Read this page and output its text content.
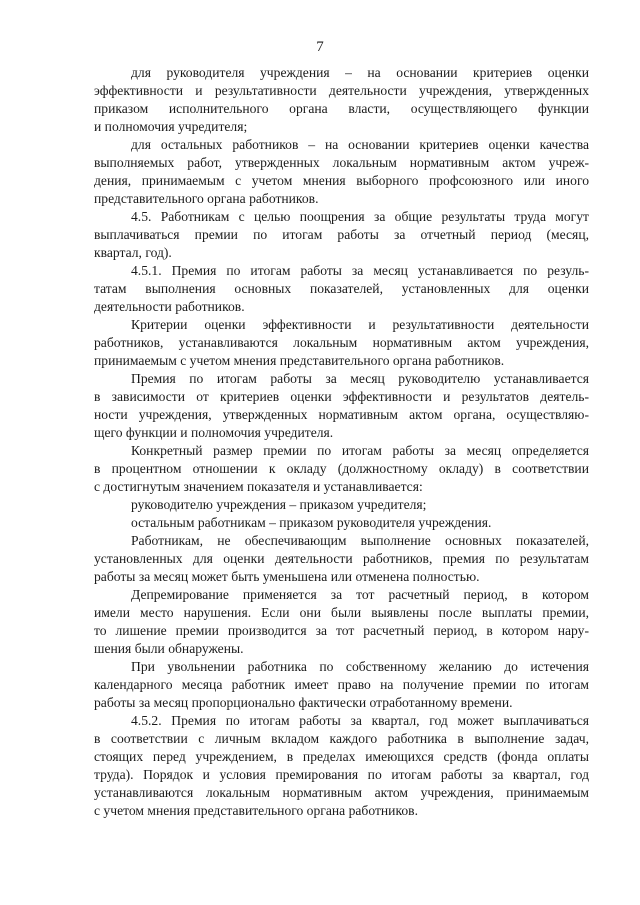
7
для руководителя учреждения – на основании критериев оценки
эффективности и результативности деятельности учреждения, утвержденных
приказом исполнительного органа власти, осуществляющего функции
и полномочия учредителя;
для остальных работников – на основании критериев оценки качества
выполняемых работ, утвержденных локальным нормативным актом учреж-
дения, принимаемым с учетом мнения выборного профсоюзного или иного
представительного органа работников.
4.5. Работникам с целью поощрения за общие результаты труда могут
выплачиваться премии по итогам работы за отчетный период (месяц,
квартал, год).
4.5.1. Премия по итогам работы за месяц устанавливается по резуль-
татам выполнения основных показателей, установленных для оценки
деятельности работников.
Критерии оценки эффективности и результативности деятельности
работников, устанавливаются локальным нормативным актом учреждения,
принимаемым с учетом мнения представительного органа работников.
Премия по итогам работы за месяц руководителю устанавливается
в зависимости от критериев оценки эффективности и результатов деятель-
ности учреждения, утвержденных нормативным актом органа, осуществляю-
щего функции и полномочия учредителя.
Конкретный размер премии по итогам работы за месяц определяется
в процентном отношении к окладу (должностному окладу) в соответствии
с достигнутым значением показателя и устанавливается:
руководителю учреждения – приказом учредителя;
остальным работникам – приказом руководителя учреждения.
Работникам, не обеспечивающим выполнение основных показателей,
установленных для оценки деятельности работников, премия по результатам
работы за месяц может быть уменьшена или отменена полностью.
Депремирование применяется за тот расчетный период, в котором
имели место нарушения. Если они были выявлены после выплаты премии,
то лишение премии производится за тот расчетный период, в котором нару-
шения были обнаружены.
При увольнении работника по собственному желанию до истечения
календарного месяца работник имеет право на получение премии по итогам
работы за месяц пропорционально фактически отработанному времени.
4.5.2. Премия по итогам работы за квартал, год может выплачиваться
в соответствии с личным вкладом каждого работника в выполнение задач,
стоящих перед учреждением, в пределах имеющихся средств (фонда оплаты
труда). Порядок и условия премирования по итогам работы за квартал, год
устанавливаются локальным нормативным актом учреждения, принимаемым
с учетом мнения представительного органа работников.
